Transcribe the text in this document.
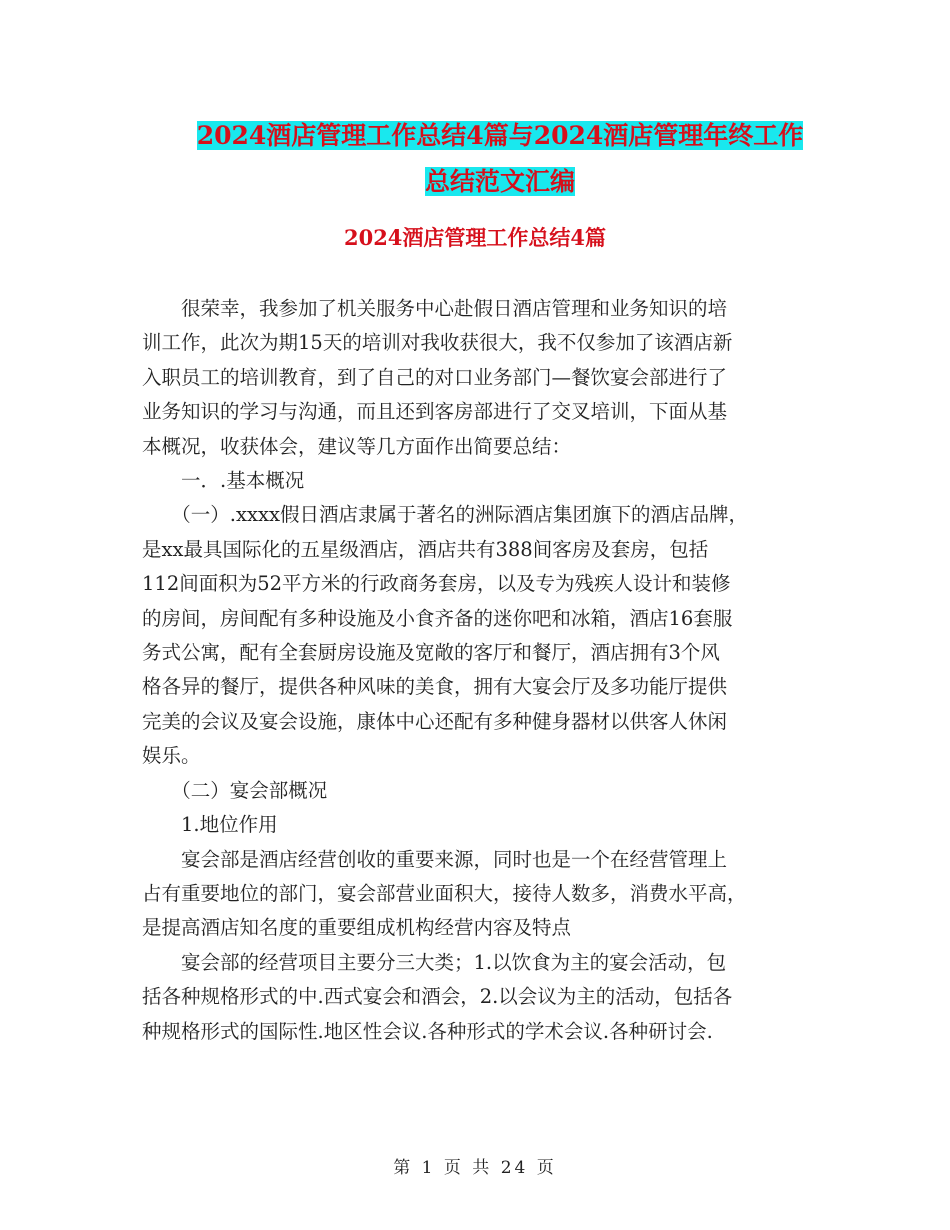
2024酒店管理工作总结4篇与2024酒店管理年终工作
总结范文汇编
2024酒店管理工作总结4篇

　　很荣幸，我参加了机关服务中心赴假日酒店管理和业务知识的培

训工作，此次为期15天的培训对我收获很大，我不仅参加了该酒店新

入职员工的培训教育，到了自己的对口业务部门—餐饮宴会部进行了

业务知识的学习与沟通，而且还到客房部进行了交叉培训，下面从基

本概况，收获体会，建议等几方面作出简要总结：

　　一．.基本概况

　　（一）.xxxx假日酒店隶属于著名的洲际酒店集团旗下的酒店品牌，

是xx最具国际化的五星级酒店，酒店共有388间客房及套房，包括

112间面积为52平方米的行政商务套房，以及专为残疾人设计和装修

的房间，房间配有多种设施及小食齐备的迷你吧和冰箱，酒店16套服

务式公寓，配有全套厨房设施及宽敞的客厅和餐厅，酒店拥有3个风

格各异的餐厅，提供各种风味的美食，拥有大宴会厅及多功能厅提供

完美的会议及宴会设施，康体中心还配有多种健身器材以供客人休闲

娱乐。

　　（二）宴会部概况

　　1.地位作用

　　宴会部是酒店经营创收的重要来源，同时也是一个在经营管理上

占有重要地位的部门，宴会部营业面积大，接待人数多，消费水平高，

是提高酒店知名度的重要组成机构经营内容及特点

　　宴会部的经营项目主要分三大类；1.以饮食为主的宴会活动，包

括各种规格形式的中.西式宴会和酒会，2.以会议为主的活动，包括各

种规格形式的国际性.地区性会议.各种形式的学术会议.各种研讨会.

第 1 页 共 24 页
